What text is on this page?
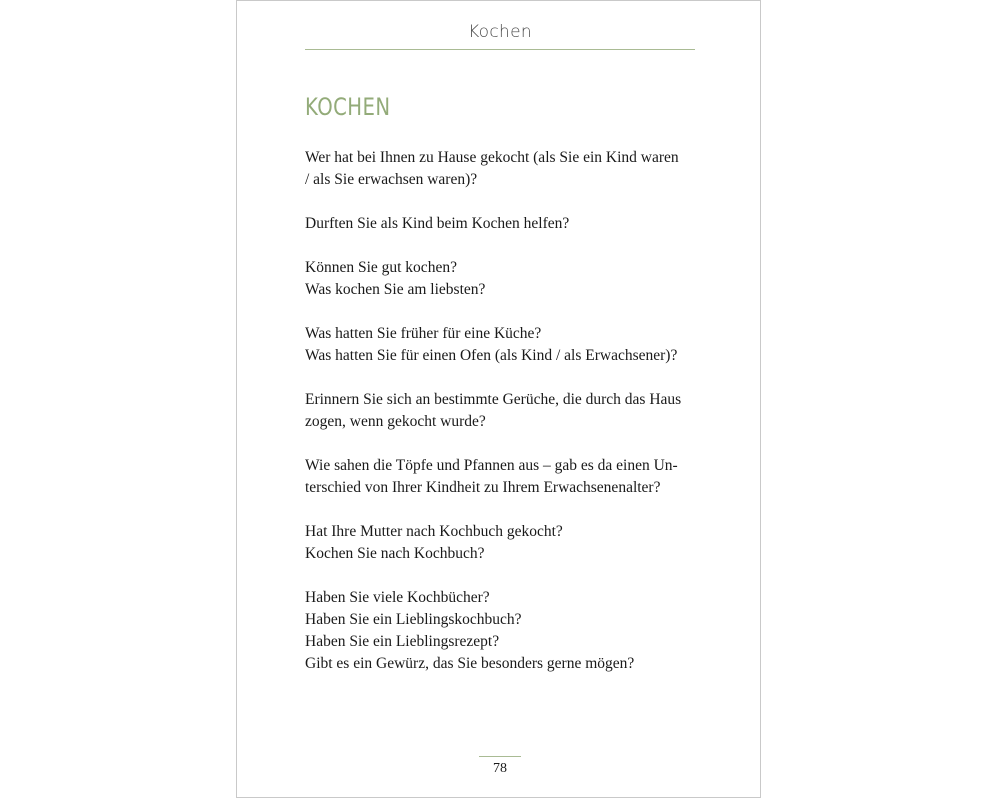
Kochen
KOCHEN
Wer hat bei Ihnen zu Hause gekocht (als Sie ein Kind waren
/ als Sie erwachsen waren)?
Durften Sie als Kind beim Kochen helfen?
Können Sie gut kochen?
Was kochen Sie am liebsten?
Was hatten Sie früher für eine Küche?
Was hatten Sie für einen Ofen (als Kind / als Erwachsener)?
Erinnern Sie sich an bestimmte Gerüche, die durch das Haus
zogen, wenn gekocht wurde?
Wie sahen die Töpfe und Pfannen aus – gab es da einen Un-
terschied von Ihrer Kindheit zu Ihrem Erwachsenenalter?
Hat Ihre Mutter nach Kochbuch gekocht?
Kochen Sie nach Kochbuch?
Haben Sie viele Kochbücher?
Haben Sie ein Lieblingskochbuch?
Haben Sie ein Lieblingsrezept?
Gibt es ein Gewürz, das Sie besonders gerne mögen?
78
